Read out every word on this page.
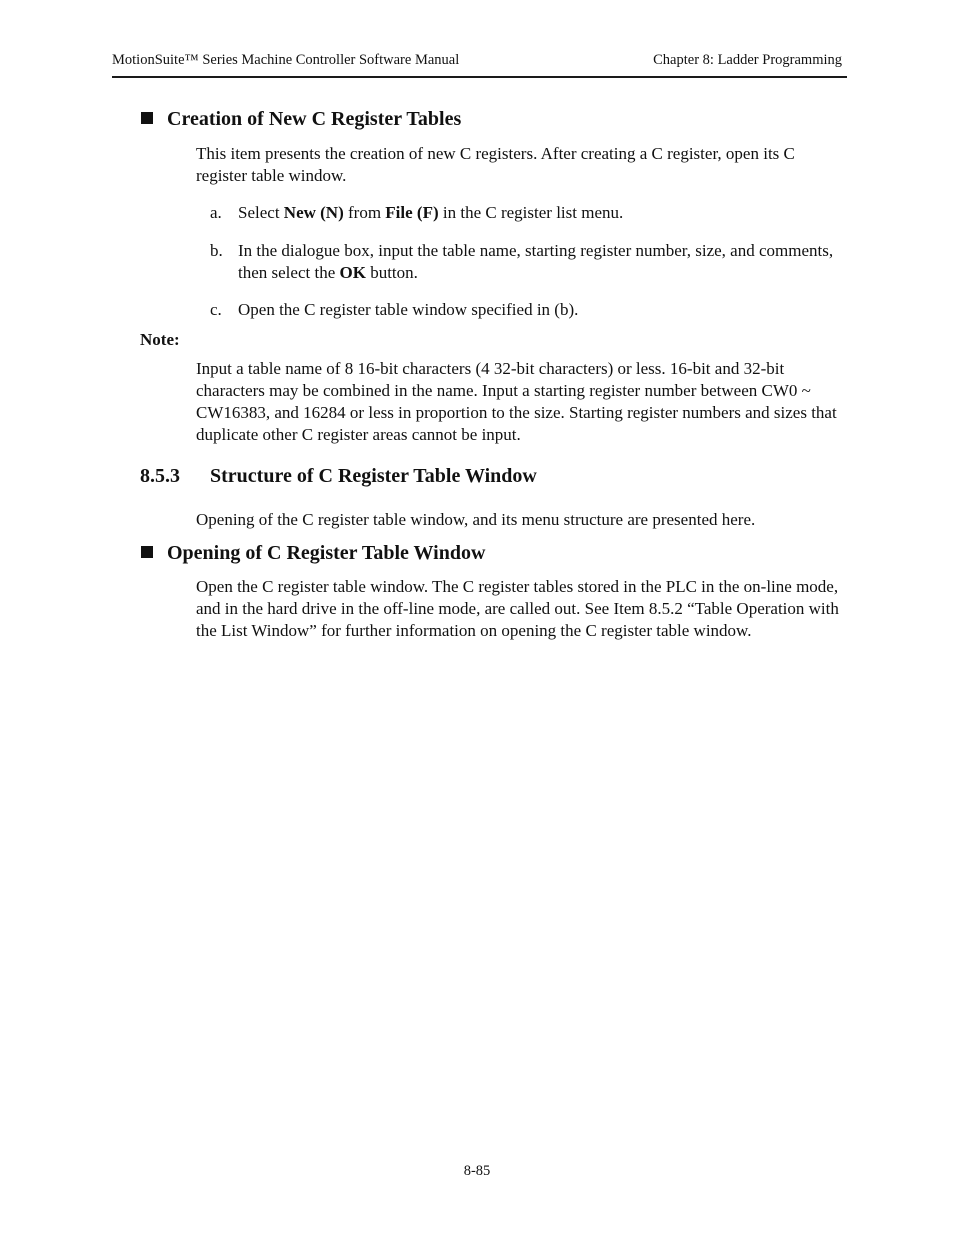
MotionSuite™ Series Machine Controller Software Manual	Chapter 8: Ladder Programming
Creation of New C Register Tables
This item presents the creation of new C registers. After creating a C register, open its C register table window.
a. Select New (N) from File (F) in the C register list menu.
b. In the dialogue box, input the table name, starting register number, size, and comments, then select the OK button.
c. Open the C register table window specified in (b).
Note:
Input a table name of 8 16-bit characters (4 32-bit characters) or less. 16-bit and 32-bit characters may be combined in the name. Input a starting register number between CW0 ~ CW16383, and 16284 or less in proportion to the size. Starting register numbers and sizes that duplicate other C register areas cannot be input.
8.5.3 Structure of C Register Table Window
Opening of the C register table window, and its menu structure are presented here.
Opening of C Register Table Window
Open the C register table window. The C register tables stored in the PLC in the on-line mode, and in the hard drive in the off-line mode, are called out. See Item 8.5.2 “Table Operation with the List Window” for further information on opening the C register table window.
8-85
